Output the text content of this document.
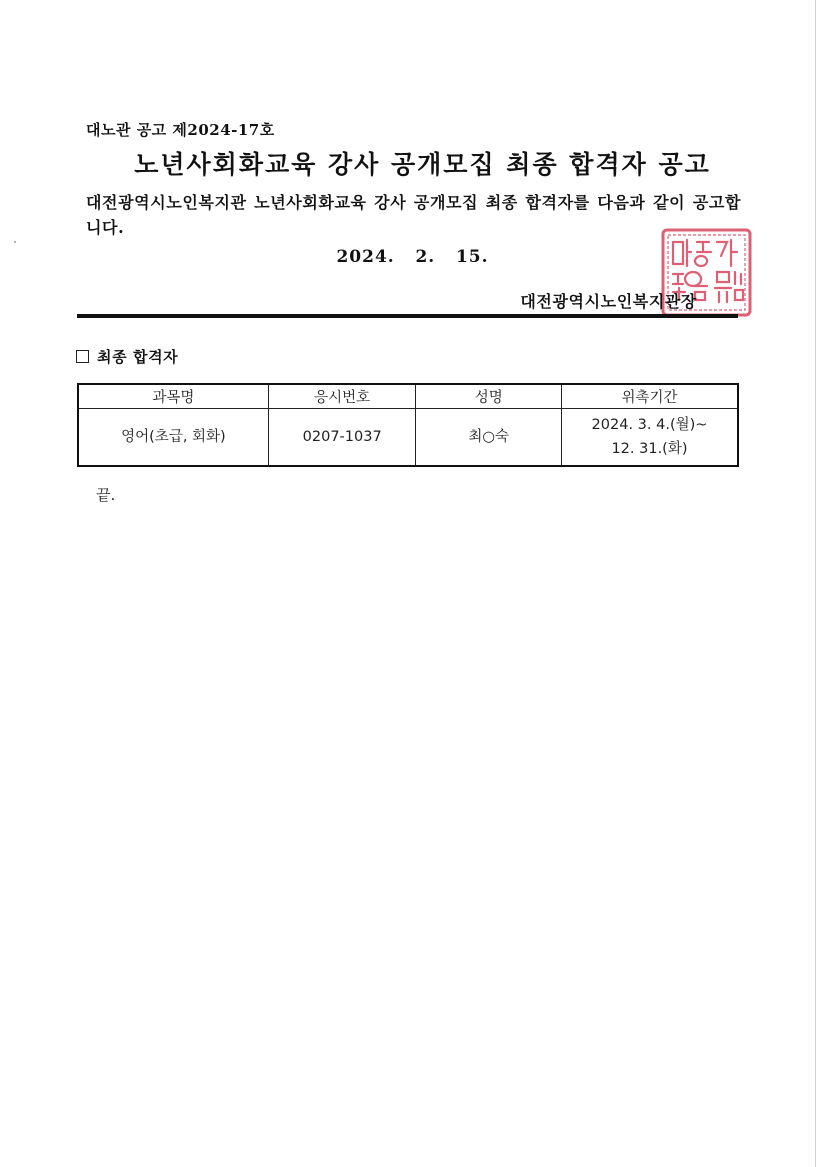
대노관 공고 제2024-17호
노년사회화교육 강사 공개모집 최종 합격자 공고
대전광역시노인복지관 노년사회화교육 강사 공개모집 최종 합격자를 다음과 같이 공고합니다.
2024.   2.   15.
대전광역시노인복지관장
최종 합격자
과목명	응시번호	성명	위촉기간
영어(초급, 회화)	0207-1037	최○숙	2024. 3. 4.(월)~
12. 31.(화)
끝.
